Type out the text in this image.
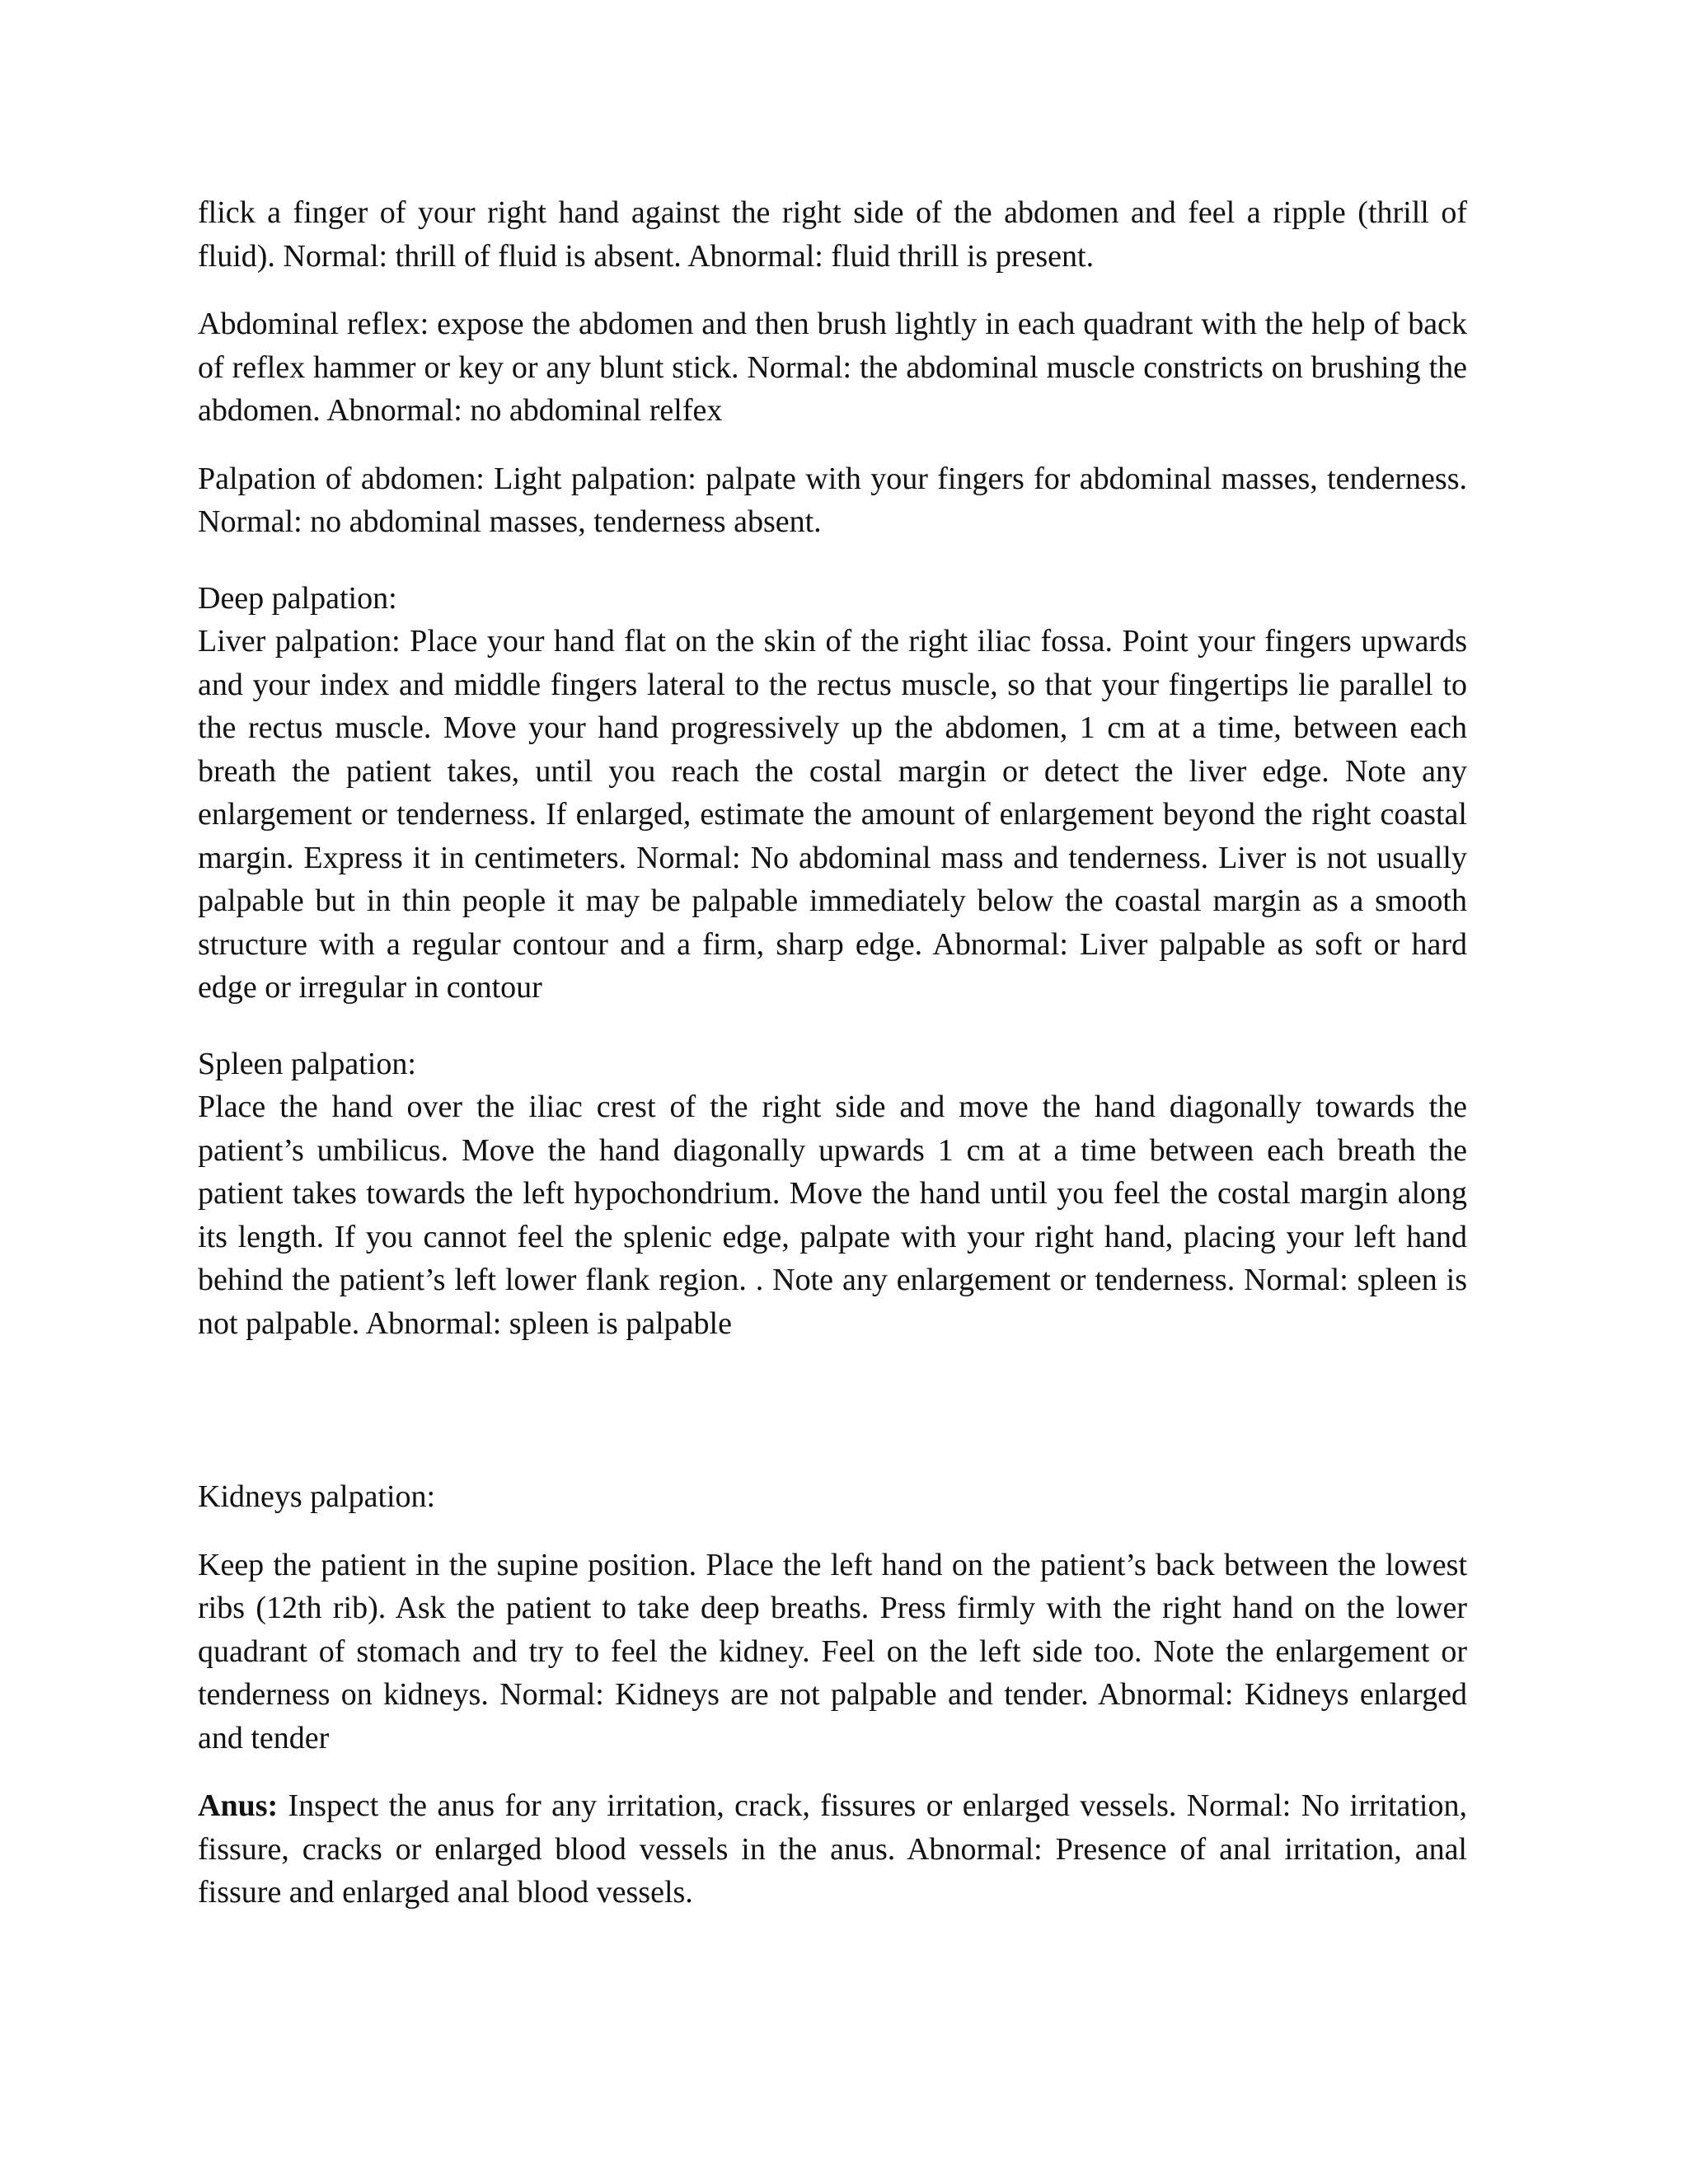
flick a finger of your right hand against the right side of the abdomen and feel a ripple (thrill of fluid). Normal: thrill of fluid is absent. Abnormal: fluid thrill is present.

Abdominal reflex: expose the abdomen and then brush lightly in each quadrant with the help of back of reflex hammer or key or any blunt stick. Normal: the abdominal muscle constricts on brushing the abdomen. Abnormal: no abdominal relfex

Palpation of abdomen: Light palpation: palpate with your fingers for abdominal masses, tenderness. Normal: no abdominal masses, tenderness absent.

Deep palpation:

Liver palpation: Place your hand flat on the skin of the right iliac fossa. Point your fingers upwards and your index and middle fingers lateral to the rectus muscle, so that your fingertips lie parallel to the rectus muscle. Move your hand progressively up the abdomen, 1 cm at a time, between each breath the patient takes, until you reach the costal margin or detect the liver edge. Note any enlargement or tenderness. If enlarged, estimate the amount of enlargement beyond the right coastal margin. Express it in centimeters. Normal: No abdominal mass and tenderness. Liver is not usually palpable but in thin people it may be palpable immediately below the coastal margin as a smooth structure with a regular contour and a firm, sharp edge. Abnormal: Liver palpable as soft or hard edge or irregular in contour

Spleen palpation:

Place the hand over the iliac crest of the right side and move the hand diagonally towards the patient’s umbilicus. Move the hand diagonally upwards 1 cm at a time between each breath the patient takes towards the left hypochondrium. Move the hand until you feel the costal margin along its length. If you cannot feel the splenic edge, palpate with your right hand, placing your left hand behind the patient’s left lower flank region. . Note any enlargement or tenderness. Normal: spleen is not palpable. Abnormal: spleen is palpable

Kidneys palpation:

Keep the patient in the supine position. Place the left hand on the patient’s back between the lowest ribs (12th rib). Ask the patient to take deep breaths. Press firmly with the right hand on the lower quadrant of stomach and try to feel the kidney. Feel on the left side too. Note the enlargement or tenderness on kidneys. Normal: Kidneys are not palpable and tender. Abnormal: Kidneys enlarged and tender

Anus: Inspect the anus for any irritation, crack, fissures or enlarged vessels. Normal: No irritation, fissure, cracks or enlarged blood vessels in the anus. Abnormal: Presence of anal irritation, anal fissure and enlarged anal blood vessels.
